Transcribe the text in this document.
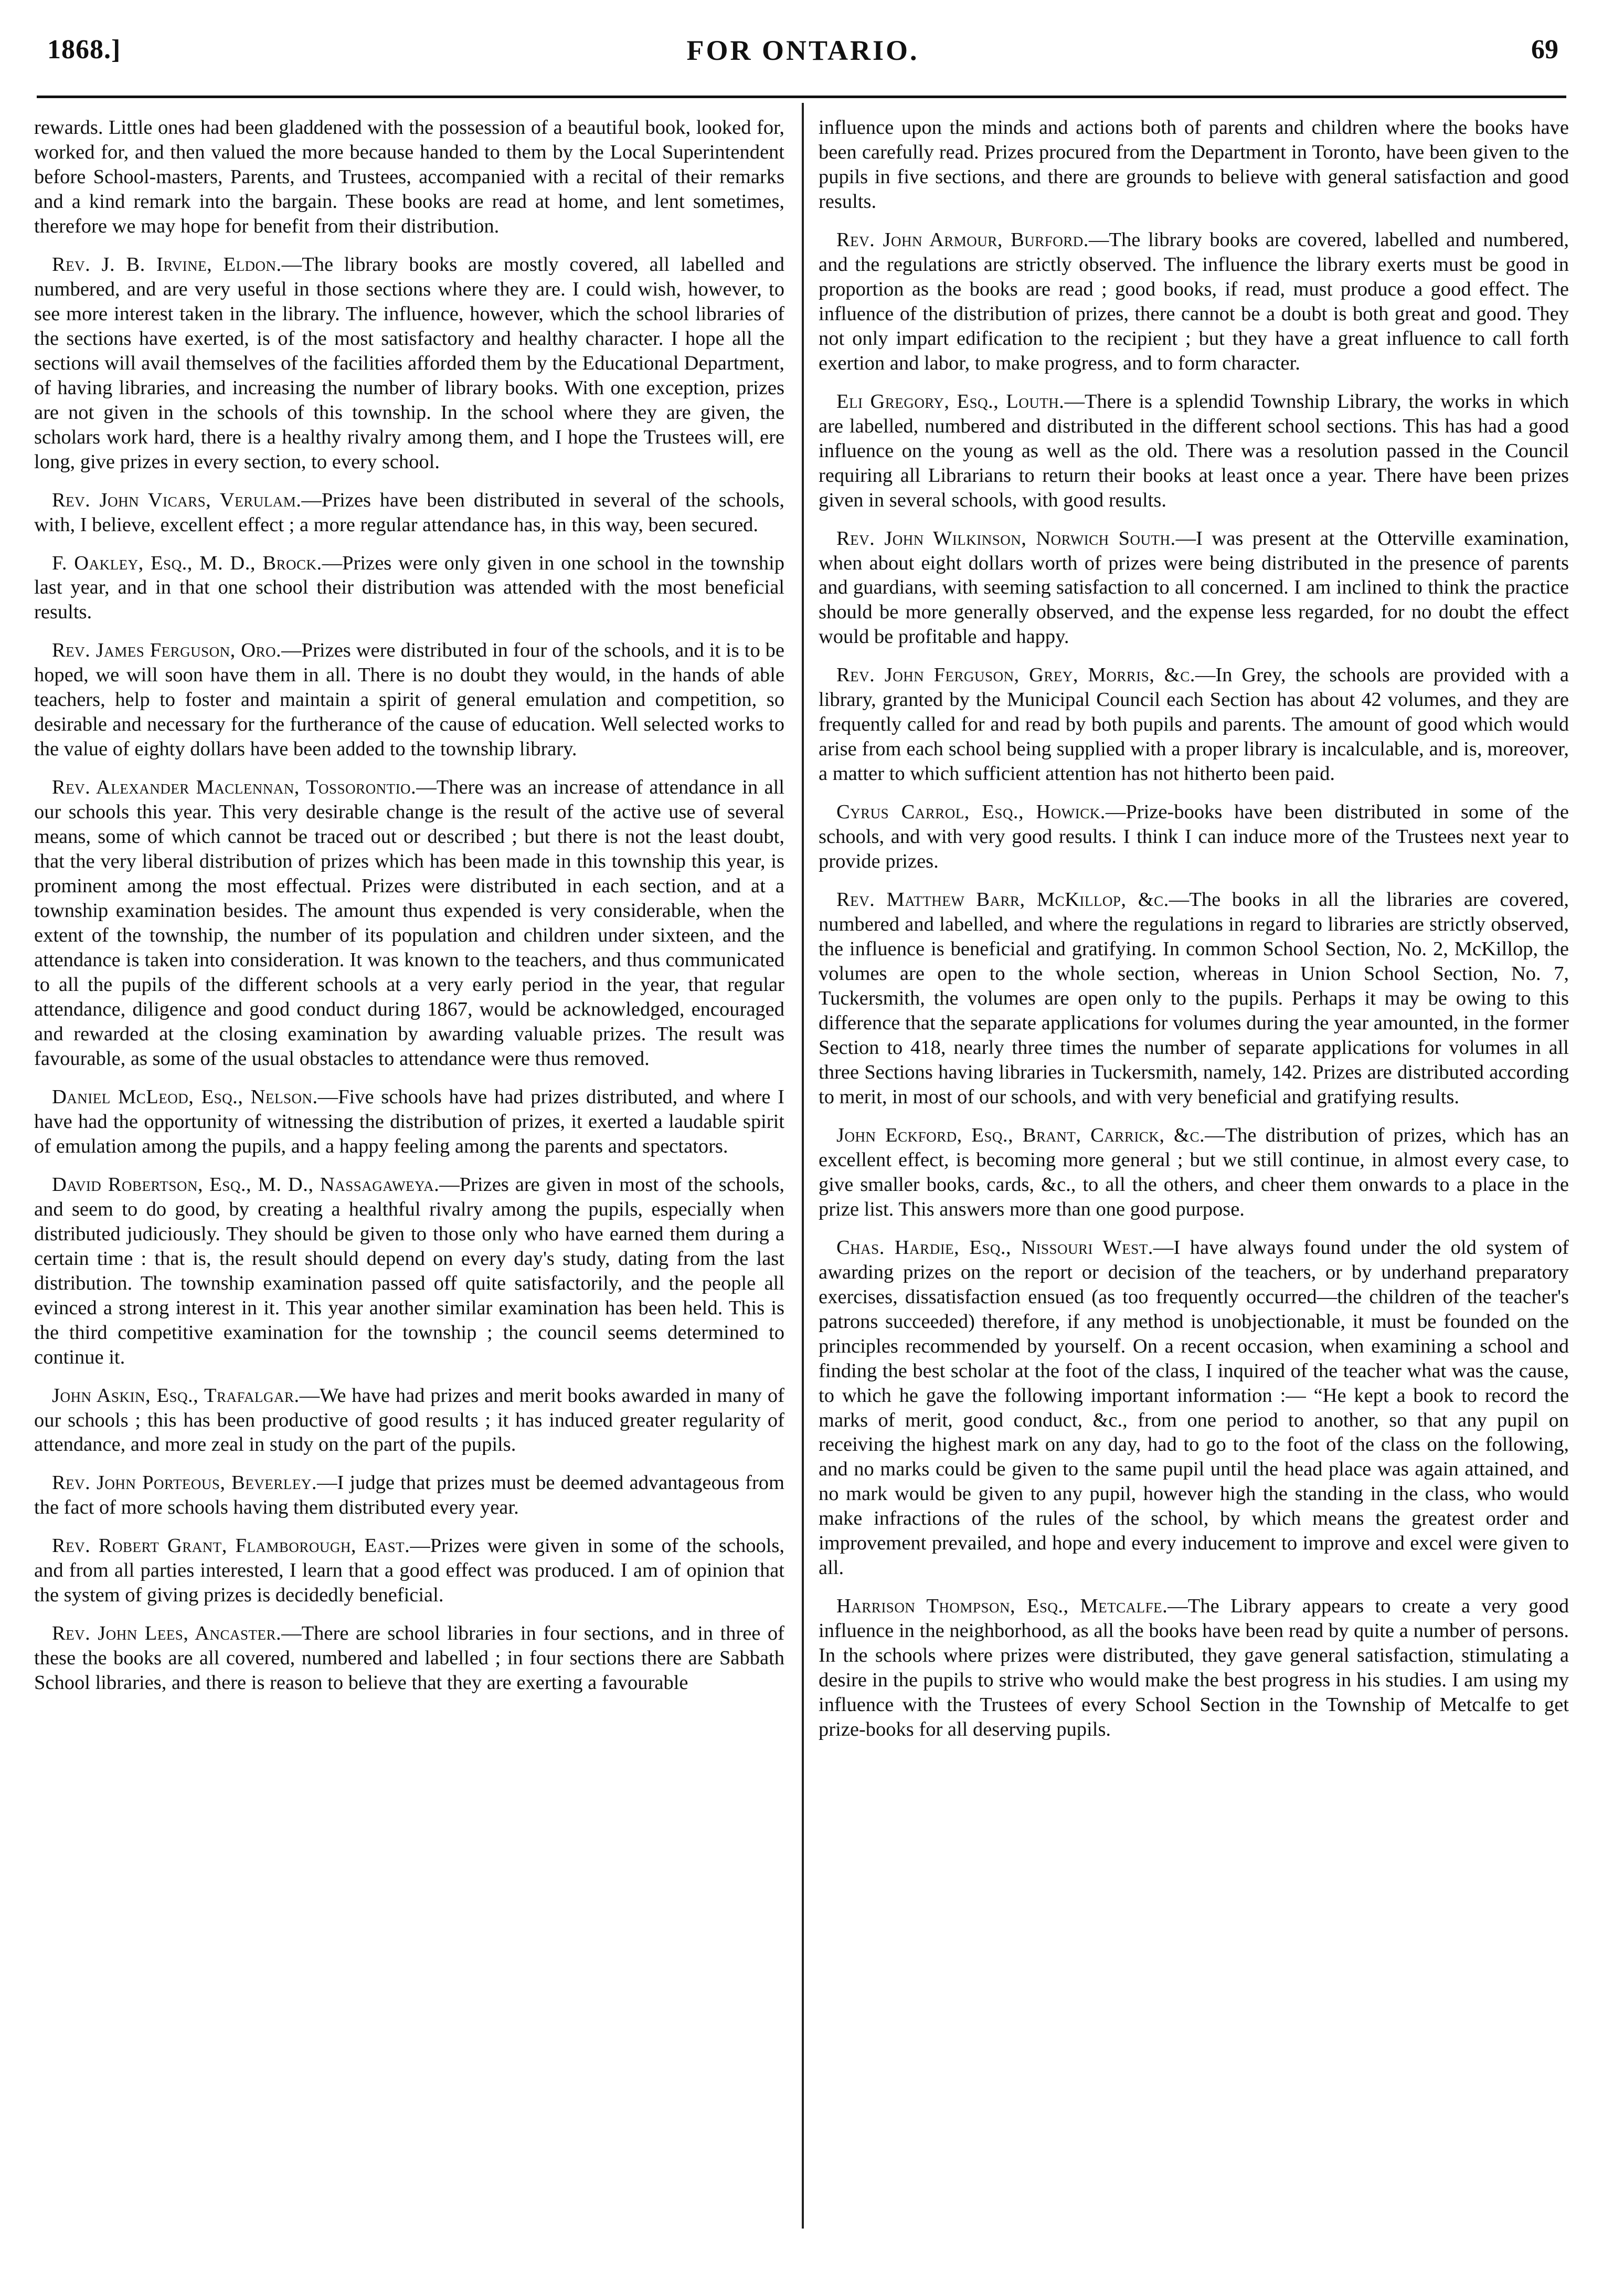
1868.]	FOR ONTARIO.	69

rewards. Little ones had been gladdened with the possession of a beautiful book, looked for, worked for, and then valued the more because handed to them by the Local Superintendent before School-masters, Parents, and Trustees, accompanied with a recital of their remarks and a kind remark into the bargain. These books are read at home, and lent sometimes, therefore we may hope for benefit from their distribution.

Rev. J. B. Irvine, Eldon.—The library books are mostly covered, all labelled and numbered, and are very useful in those sections where they are. I could wish, however, to see more interest taken in the library. The influence, however, which the school libraries of the sections have exerted, is of the most satisfactory and healthy character. I hope all the sections will avail themselves of the facilities afforded them by the Educational Department, of having libraries, and increasing the number of library books. With one exception, prizes are not given in the schools of this township. In the school where they are given, the scholars work hard, there is a healthy rivalry among them, and I hope the Trustees will, ere long, give prizes in every section, to every school.

Rev. John Vicars, Verulam.—Prizes have been distributed in several of the schools, with, I believe, excellent effect ; a more regular attendance has, in this way, been secured.

F. Oakley, Esq., M. D., Brock.—Prizes were only given in one school in the township last year, and in that one school their distribution was attended with the most beneficial results.

Rev. James Ferguson, Oro.—Prizes were distributed in four of the schools, and it is to be hoped, we will soon have them in all. There is no doubt they would, in the hands of able teachers, help to foster and maintain a spirit of general emulation and competition, so desirable and necessary for the furtherance of the cause of education. Well selected works to the value of eighty dollars have been added to the township library.

Rev. Alexander Maclennan, Tossorontio.—There was an increase of attendance in all our schools this year. This very desirable change is the result of the active use of several means, some of which cannot be traced out or described ; but there is not the least doubt, that the very liberal distribution of prizes which has been made in this township this year, is prominent among the most effectual. Prizes were distributed in each section, and at a township examination besides. The amount thus expended is very considerable, when the extent of the township, the number of its population and children under sixteen, and the attendance is taken into consideration. It was known to the teachers, and thus communicated to all the pupils of the different schools at a very early period in the year, that regular attendance, diligence and good conduct during 1867, would be acknowledged, encouraged and rewarded at the closing examination by awarding valuable prizes. The result was favourable, as some of the usual obstacles to attendance were thus removed.

Daniel McLeod, Esq., Nelson.—Five schools have had prizes distributed, and where I have had the opportunity of witnessing the distribution of prizes, it exerted a laudable spirit of emulation among the pupils, and a happy feeling among the parents and spectators.

David Robertson, Esq., M. D., Nassagaweya.—Prizes are given in most of the schools, and seem to do good, by creating a healthful rivalry among the pupils, especially when distributed judiciously. They should be given to those only who have earned them during a certain time : that is, the result should depend on every day's study, dating from the last distribution. The township examination passed off quite satisfactorily, and the people all evinced a strong interest in it. This year another similar examination has been held. This is the third competitive examination for the township ; the council seems determined to continue it.

John Askin, Esq., Trafalgar.—We have had prizes and merit books awarded in many of our schools ; this has been productive of good results ; it has induced greater regularity of attendance, and more zeal in study on the part of the pupils.

Rev. John Porteous, Beverley.—I judge that prizes must be deemed advantageous from the fact of more schools having them distributed every year.

Rev. Robert Grant, Flamborough, East.—Prizes were given in some of the schools, and from all parties interested, I learn that a good effect was produced. I am of opinion that the system of giving prizes is decidedly beneficial.

Rev. John Lees, Ancaster.—There are school libraries in four sections, and in three of these the books are all covered, numbered and labelled ; in four sections there are Sabbath School libraries, and there is reason to believe that they are exerting a favourable

influence upon the minds and actions both of parents and children where the books have been carefully read. Prizes procured from the Department in Toronto, have been given to the pupils in five sections, and there are grounds to believe with general satisfaction and good results.

Rev. John Armour, Burford.—The library books are covered, labelled and numbered, and the regulations are strictly observed. The influence the library exerts must be good in proportion as the books are read ; good books, if read, must produce a good effect. The influence of the distribution of prizes, there cannot be a doubt is both great and good. They not only impart edification to the recipient ; but they have a great influence to call forth exertion and labor, to make progress, and to form character.

Eli Gregory, Esq., Louth.—There is a splendid Township Library, the works in which are labelled, numbered and distributed in the different school sections. This has had a good influence on the young as well as the old. There was a resolution passed in the Council requiring all Librarians to return their books at least once a year. There have been prizes given in several schools, with good results.

Rev. John Wilkinson, Norwich South.—I was present at the Otterville examination, when about eight dollars worth of prizes were being distributed in the presence of parents and guardians, with seeming satisfaction to all concerned. I am inclined to think the practice should be more generally observed, and the expense less regarded, for no doubt the effect would be profitable and happy.

Rev. John Ferguson, Grey, Morris, &c.—In Grey, the schools are provided with a library, granted by the Municipal Council each Section has about 42 volumes, and they are frequently called for and read by both pupils and parents. The amount of good which would arise from each school being supplied with a proper library is incalculable, and is, moreover, a matter to which sufficient attention has not hitherto been paid.

Cyrus Carrol, Esq., Howick.—Prize-books have been distributed in some of the schools, and with very good results. I think I can induce more of the Trustees next year to provide prizes.

Rev. Matthew Barr, McKillop, &c.—The books in all the libraries are covered, numbered and labelled, and where the regulations in regard to libraries are strictly observed, the influence is beneficial and gratifying. In common School Section, No. 2, McKillop, the volumes are open to the whole section, whereas in Union School Section, No. 7, Tuckersmith, the volumes are open only to the pupils. Perhaps it may be owing to this difference that the separate applications for volumes during the year amounted, in the former Section to 418, nearly three times the number of separate applications for volumes in all three Sections having libraries in Tuckersmith, namely, 142. Prizes are distributed according to merit, in most of our schools, and with very beneficial and gratifying results.

John Eckford, Esq., Brant, Carrick, &c.—The distribution of prizes, which has an excellent effect, is becoming more general ; but we still continue, in almost every case, to give smaller books, cards, &c., to all the others, and cheer them onwards to a place in the prize list. This answers more than one good purpose.

Chas. Hardie, Esq., Nissouri West.—I have always found under the old system of awarding prizes on the report or decision of the teachers, or by underhand preparatory exercises, dissatisfaction ensued (as too frequently occurred—the children of the teacher's patrons succeeded) therefore, if any method is unobjectionable, it must be founded on the principles recommended by yourself. On a recent occasion, when examining a school and finding the best scholar at the foot of the class, I inquired of the teacher what was the cause, to which he gave the following important information :— “He kept a book to record the marks of merit, good conduct, &c., from one period to another, so that any pupil on receiving the highest mark on any day, had to go to the foot of the class on the following, and no marks could be given to the same pupil until the head place was again attained, and no mark would be given to any pupil, however high the standing in the class, who would make infractions of the rules of the school, by which means the greatest order and improvement prevailed, and hope and every inducement to improve and excel were given to all.

Harrison Thompson, Esq., Metcalfe.—The Library appears to create a very good influence in the neighborhood, as all the books have been read by quite a number of persons. In the schools where prizes were distributed, they gave general satisfaction, stimulating a desire in the pupils to strive who would make the best progress in his studies. I am using my influence with the Trustees of every School Section in the Township of Metcalfe to get prize-books for all deserving pupils.
